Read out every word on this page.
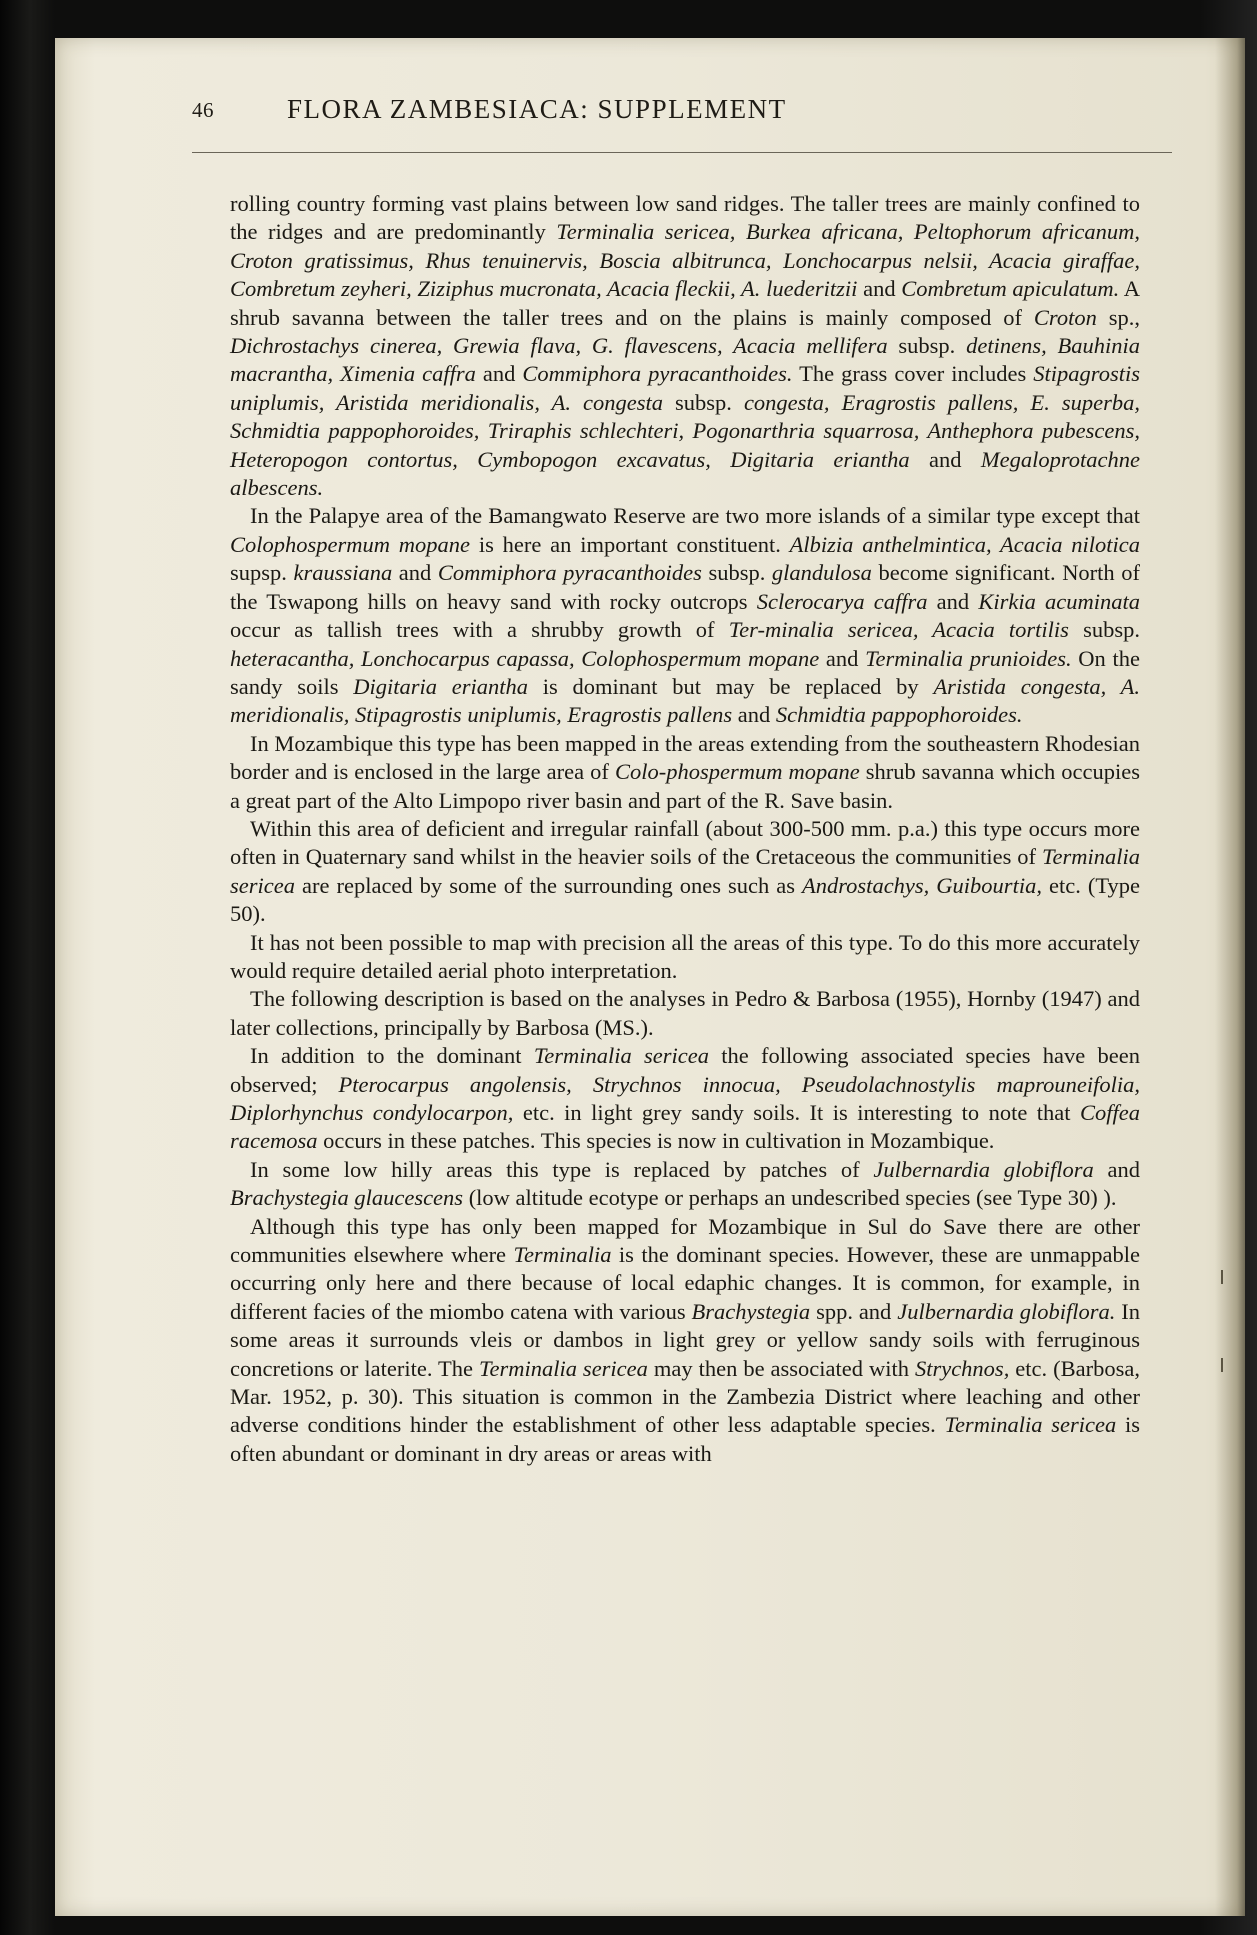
46	FLORA ZAMBESIACA: SUPPLEMENT

rolling country forming vast plains between low sand ridges. The taller trees are mainly confined to the ridges and are predominantly Terminalia sericea, Burkea africana, Peltophorum africanum, Croton gratissimus, Rhus tenuinervis, Boscia albitrunca, Lonchocarpus nelsii, Acacia giraffae, Combretum zeyheri, Ziziphus mucronata, Acacia fleckii, A. luederitzii and Combretum apiculatum. A shrub savanna between the taller trees and on the plains is mainly composed of Croton sp., Dichrostachys cinerea, Grewia flava, G. flavescens, Acacia mellifera subsp. detinens, Bauhinia macrantha, Ximenia caffra and Commiphora pyracanthoides. The grass cover includes Stipagrostis uniplumis, Aristida meridionalis, A. congesta subsp. congesta, Eragrostis pallens, E. superba, Schmidtia pappophoroides, Triraphis schlechteri, Pogonarthria squarrosa, Anthephora pubescens, Heteropogon contortus, Cymbopogon excavatus, Digitaria eriantha and Megaloprotachne albescens.

In the Palapye area of the Bamangwato Reserve are two more islands of a similar type except that Colophospermum mopane is here an important constituent. Albizia anthelmintica, Acacia nilotica supsp. kraussiana and Commiphora pyracanthoides subsp. glandulosa become significant. North of the Tswapong hills on heavy sand with rocky outcrops Sclerocarya caffra and Kirkia acuminata occur as tallish trees with a shrubby growth of Ter-minalia sericea, Acacia tortilis subsp. heteracantha, Lonchocarpus capassa, Colophospermum mopane and Terminalia prunioides. On the sandy soils Digitaria eriantha is dominant but may be replaced by Aristida congesta, A. meridionalis, Stipagrostis uniplumis, Eragrostis pallens and Schmidtia pappophoroides.

In Mozambique this type has been mapped in the areas extending from the southeastern Rhodesian border and is enclosed in the large area of Colo-phospermum mopane shrub savanna which occupies a great part of the Alto Limpopo river basin and part of the R. Save basin.

Within this area of deficient and irregular rainfall (about 300-500 mm. p.a.) this type occurs more often in Quaternary sand whilst in the heavier soils of the Cretaceous the communities of Terminalia sericea are replaced by some of the surrounding ones such as Androstachys, Guibourtia, etc. (Type 50).

It has not been possible to map with precision all the areas of this type. To do this more accurately would require detailed aerial photo interpretation.

The following description is based on the analyses in Pedro & Barbosa (1955), Hornby (1947) and later collections, principally by Barbosa (MS.).

In addition to the dominant Terminalia sericea the following associated species have been observed; Pterocarpus angolensis, Strychnos innocua, Pseudolachnostylis maprouneifolia, Diplorhynchus condylocarpon, etc. in light grey sandy soils. It is interesting to note that Coffea racemosa occurs in these patches. This species is now in cultivation in Mozambique.

In some low hilly areas this type is replaced by patches of Julbernardia globiflora and Brachystegia glaucescens (low altitude ecotype or perhaps an undescribed species (see Type 30) ).

Although this type has only been mapped for Mozambique in Sul do Save there are other communities elsewhere where Terminalia is the dominant species. However, these are unmappable occurring only here and there because of local edaphic changes. It is common, for example, in different facies of the miombo catena with various Brachystegia spp. and Julbernardia globiflora. In some areas it surrounds vleis or dambos in light grey or yellow sandy soils with ferruginous concretions or laterite. The Terminalia sericea may then be associated with Strychnos, etc. (Barbosa, Mar. 1952, p. 30). This situation is common in the Zambezia District where leaching and other adverse conditions hinder the establishment of other less adaptable species. Terminalia sericea is often abundant or dominant in dry areas or areas with
